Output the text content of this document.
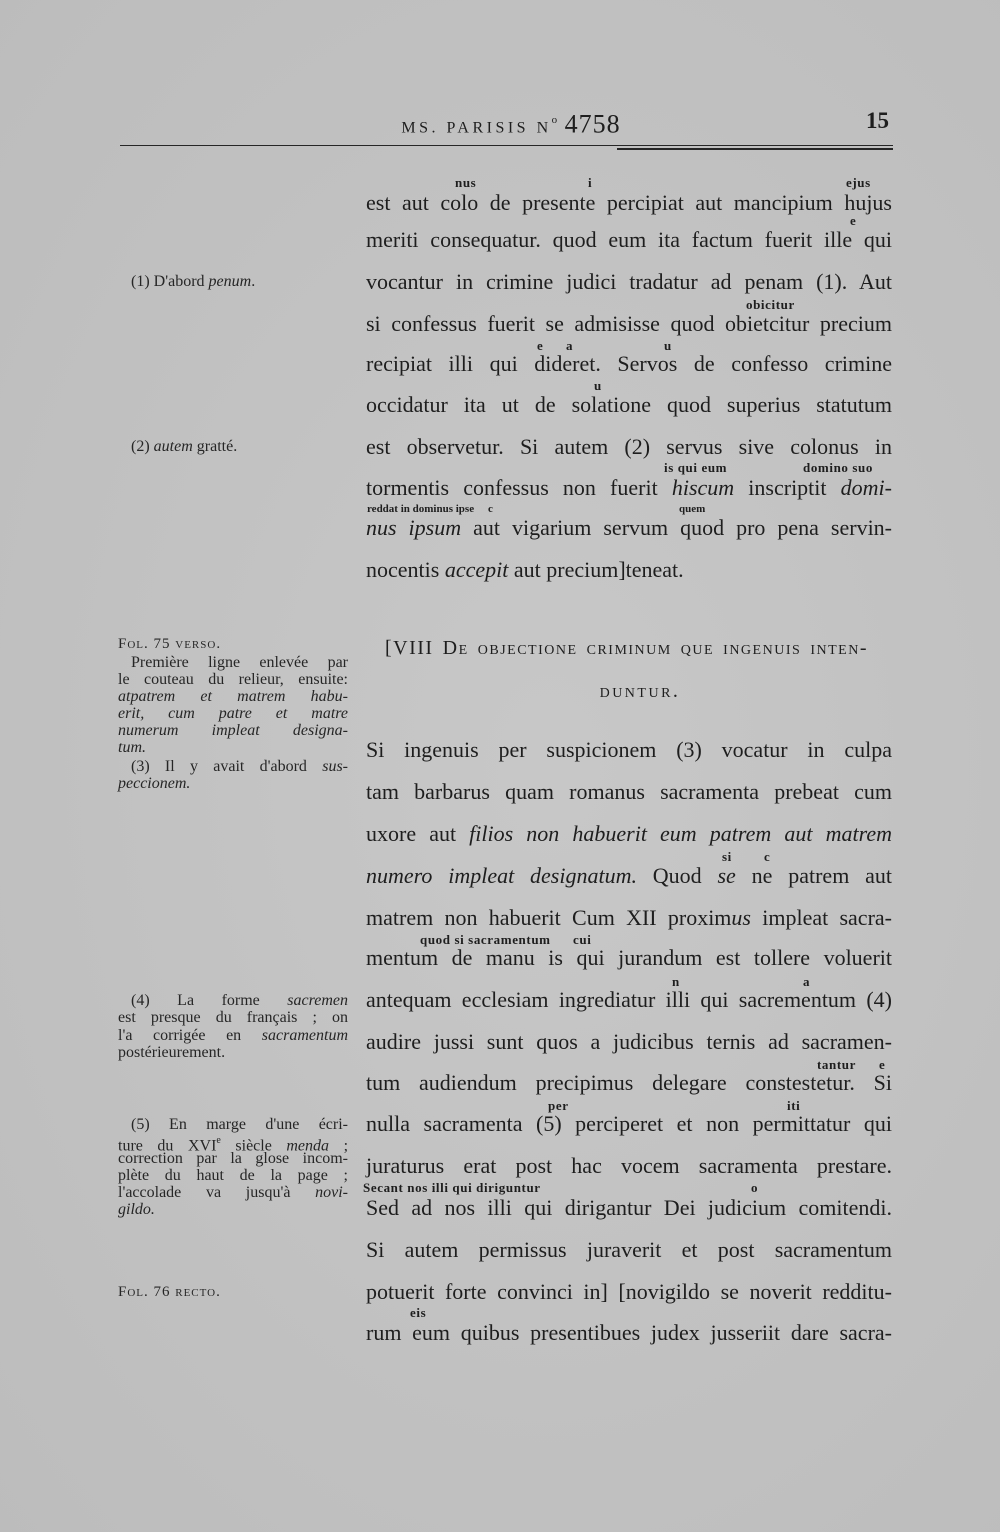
MS. PARISIS $N^o$ 4758	15
nus	i	ejus
est aut colo de presente percipiat aut mancipium hujus
e
meriti consequatur. quod eum ita factum fuerit ille qui
vocantur in crimine judici tradatur ad penam (1). Aut
obicitur
si confessus fuerit se admisisse quod obietcitur precium
e a	u
recipiat illi qui dideret. Servos de confesso crimine
u
occidatur ita ut de solatione quod superius statutum
est observetur. Si autem (2) servus sive colonus in
is qui eum	domino suo
tormentis confessus non fuerit hiscum inscriptit domi-
reddat in dominus ipse c	quem
nus ipsum aut vigarium servum quod pro pena servin-
nocentis accepit aut precium]teneat.
(1) D'abord penum.
(2) autem gratté.
[VIII De objectione criminum que ingenuis inten-
duntur.
Si ingenuis per suspicionem (3) vocatur in culpa
tam barbarus quam romanus sacramenta prebeat cum
uxore aut filios non habuerit eum patrem aut matrem
si c
numero impleat designatum. Quod se ne patrem aut
matrem non habuerit Cum XII proximus impleat sacra-
quod si sacramentum cui
mentum de manu is qui jurandum est tollere voluerit
n	a
antequam ecclesiam ingrediatur illi qui sacrementum (4)
audire jussi sunt quos a judicibus ternis ad sacramen-
tantur e
tum audiendum precipimus delegare constestetur. Si
per	iti
nulla sacramenta (5) perciperet et non permittatur qui
juraturus erat post hac vocem sacramenta prestare.
Secant nos illi qui diriguntur	o
Sed ad nos illi qui dirigantur Dei judicium comitendi.
Si autem permissus juraverit et post sacramentum
potuerit forte convinci in] [novigildo se noverit redditu-
eis
rum eum quibus presentibues judex jusseriit dare sacra-
Fol. 75 verso.
Première ligne enlevée par
le couteau du relieur, ensuite:
atpatrem et matrem habu-
erit, cum patre et matre
numerum impleat designa-
tum.
(3) Il y avait d'abord sus-
peccionem.
(4) La forme sacremen
est presque du français ; on
l'a corrigée en sacramentum
postérieurement.
(5) En marge d'une écri-
ture du XVIe siècle menda ;
correction par la glose incom-
plète du haut de la page ;
l'accolade va jusqu'à novi-
gildo.
Fol. 76 recto.
